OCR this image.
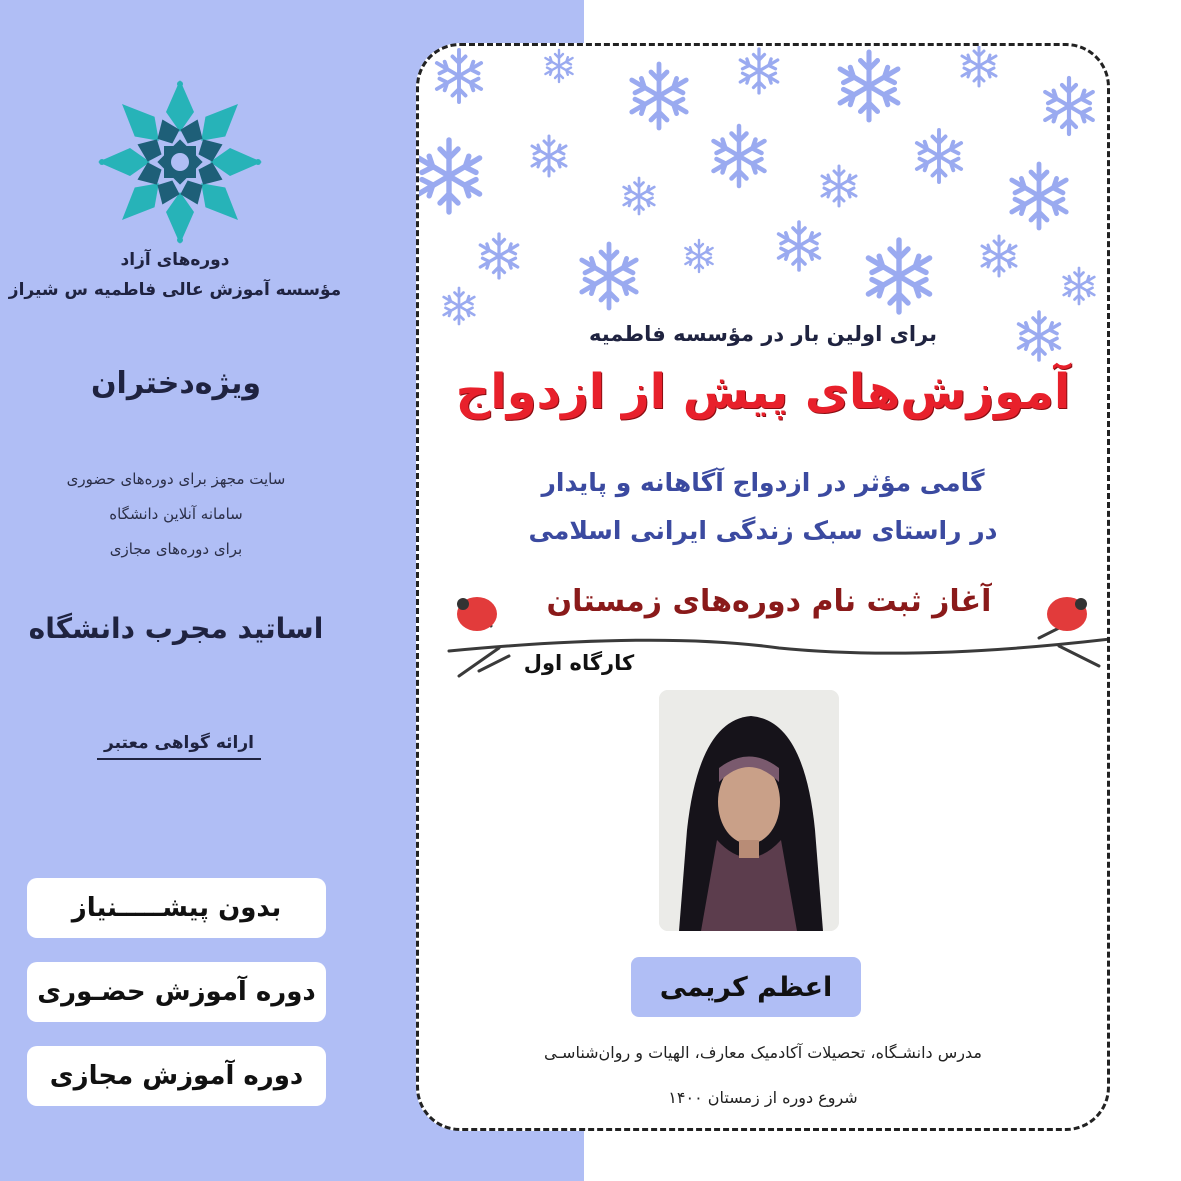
دوره‌های آزاد
مؤسسه آموزش عالی فاطمیه س شیراز
ویژه‌دختران
سایت مجهز برای دوره‌های حضوری
سامانه آنلاین دانشگاه
برای دوره‌های مجازی
اساتید مجرب دانشگاه
ارائه گواهی معتبر
بدون پیشـــــنیاز
دوره آموزش حضـوری
دوره آموزش مجازی
برای اولین بار در مؤسسه فاطمیه
آموزش‌های پیش از ازدواج
گامی مؤثر در ازدواج آگاهانه و پایدار
در راستای سبک زندگی ایرانی اسلامی
آغاز ثبت نام دوره‌های زمستان
کارگاه اول
اعظم کریمی
مدرس دانشـگاه، تحصیلات آکادمیک معارف، الهیات و روان‌شناسـی
شروع دوره از زمستان ۱۴۰۰
